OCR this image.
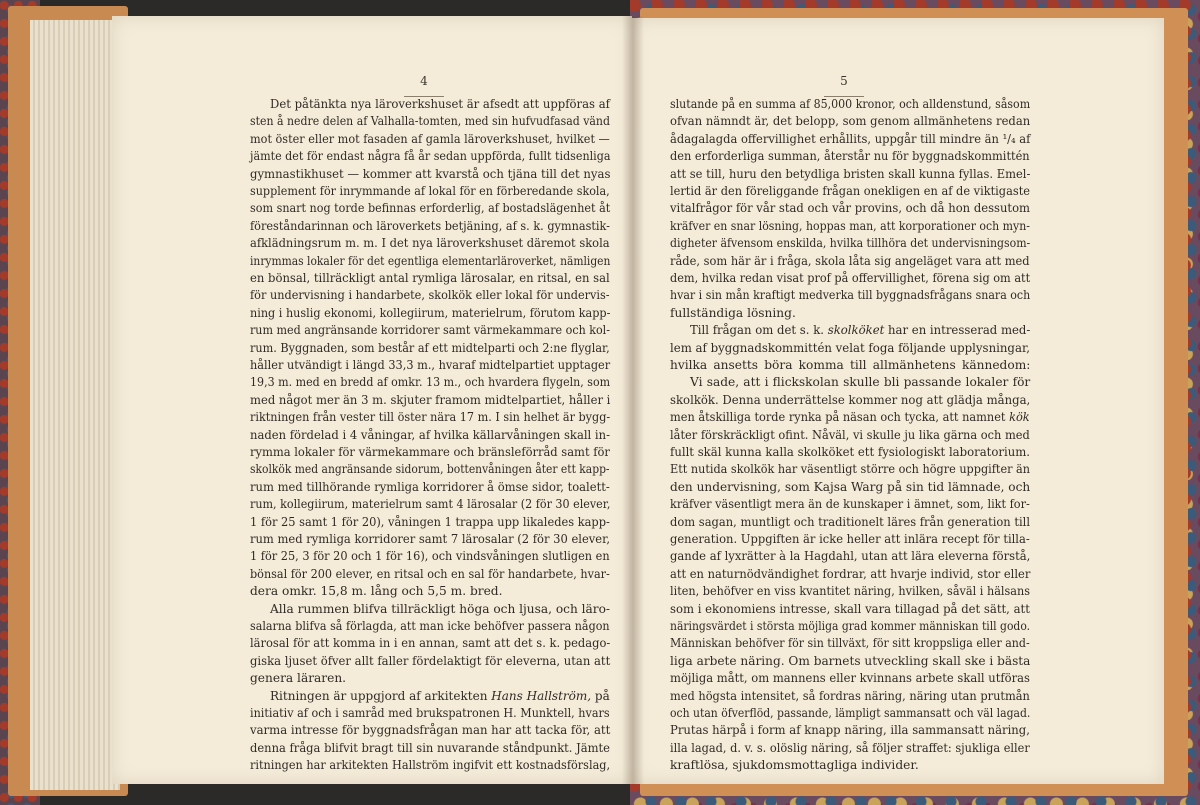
4
Det påtänkta nya läroverkshuset är afsedt att uppföras af
sten å nedre delen af Valhalla-tomten, med sin hufvudfasad vänd
mot öster eller mot fasaden af gamla läroverkshuset, hvilket —
jämte det för endast några få år sedan uppförda, fullt tidsenliga
gymnastikhuset — kommer att kvarstå och tjäna till det nyas
supplement för inrymmande af lokal för en förberedande skola,
som snart nog torde befinnas erforderlig, af bostadslägenhet åt
föreståndarinnan och läroverkets betjäning, af s. k. gymnastik-
afklädningsrum m. m. I det nya läroverkshuset däremot skola
inrymmas lokaler för det egentliga elementarläroverket, nämligen
en bönsal, tillräckligt antal rymliga lärosalar, en ritsal, en sal
för undervisning i handarbete, skolkök eller lokal för undervis-
ning i huslig ekonomi, kollegiirum, materielrum, förutom kapp-
rum med angränsande korridorer samt värmekammare och kol-
rum. Byggnaden, som består af ett midtelparti och 2:ne flyglar,
håller utvändigt i längd 33,3 m., hvaraf midtelpartiet upptager
19,3 m. med en bredd af omkr. 13 m., och hvardera flygeln, som
med något mer än 3 m. skjuter framom midtelpartiet, håller i
riktningen från vester till öster nära 17 m. I sin helhet är bygg-
naden fördelad i 4 våningar, af hvilka källarvåningen skall in-
rymma lokaler för värmekammare och bränsleförråd samt för
skolkök med angränsande sidorum, bottenvåningen åter ett kapp-
rum med tillhörande rymliga korridorer å ömse sidor, toalett-
rum, kollegiirum, materielrum samt 4 lärosalar (2 för 30 elever,
1 för 25 samt 1 för 20), våningen 1 trappa upp likaledes kapp-
rum med rymliga korridorer samt 7 lärosalar (2 för 30 elever,
1 för 25, 3 för 20 och 1 för 16), och vindsvåningen slutligen en
bönsal för 200 elever, en ritsal och en sal för handarbete, hvar-
dera omkr. 15,8 m. lång och 5,5 m. bred.
Alla rummen blifva tillräckligt höga och ljusa, och läro-
salarna blifva så förlagda, att man icke behöfver passera någon
lärosal för att komma in i en annan, samt att det s. k. pedago-
giska ljuset öfver allt faller fördelaktigt för eleverna, utan att
genera läraren.
Ritningen är uppgjord af arkitekten Hans Hallström, på
initiativ af och i samråd med brukspatronen H. Munktell, hvars
varma intresse för byggnadsfrågan man har att tacka för, att
denna fråga blifvit bragt till sin nuvarande ståndpunkt. Jämte
ritningen har arkitekten Hallström ingifvit ett kostnadsförslag,
5
slutande på en summa af 85,000 kronor, och alldenstund, såsom
ofvan nämndt är, det belopp, som genom allmänhetens redan
ådagalagda offervillighet erhållits, uppgår till mindre än ¹/₄ af
den erforderliga summan, återstår nu för byggnadskommittén
att se till, huru den betydliga bristen skall kunna fyllas. Emel-
lertid är den föreliggande frågan onekligen en af de viktigaste
vitalfrågor för vår stad och vår provins, och då hon dessutom
kräfver en snar lösning, hoppas man, att korporationer och myn-
digheter äfvensom enskilda, hvilka tillhöra det undervisningsom-
råde, som här är i fråga, skola låta sig angeläget vara att med
dem, hvilka redan visat prof på offervillighet, förena sig om att
hvar i sin mån kraftigt medverka till byggnadsfrågans snara och
fullständiga lösning.
Till frågan om det s. k. skolköket har en intresserad med-
lem af byggnadskommittén velat foga följande upplysningar,
hvilka ansetts böra komma till allmänhetens kännedom:
Vi sade, att i flickskolan skulle bli passande lokaler för
skolkök. Denna underrättelse kommer nog att glädja många,
men åtskilliga torde rynka på näsan och tycka, att namnet kök
låter förskräckligt ofint. Nåväl, vi skulle ju lika gärna och med
fullt skäl kunna kalla skolköket ett fysiologiskt laboratorium.
Ett nutida skolkök har väsentligt större och högre uppgifter än
den undervisning, som Kajsa Warg på sin tid lämnade, och
kräfver väsentligt mera än de kunskaper i ämnet, som, likt for-
dom sagan, muntligt och traditionelt läres från generation till
generation. Uppgiften är icke heller att inlära recept för tilla-
gande af lyxrätter à la Hagdahl, utan att lära eleverna förstå,
att en naturnödvändighet fordrar, att hvarje individ, stor eller
liten, behöfver en viss kvantitet näring, hvilken, såväl i hälsans
som i ekonomiens intresse, skall vara tillagad på det sätt, att
näringsvärdet i största möjliga grad kommer människan till godo.
Människan behöfver för sin tillväxt, för sitt kroppsliga eller and-
liga arbete näring. Om barnets utveckling skall ske i bästa
möjliga mått, om mannens eller kvinnans arbete skall utföras
med högsta intensitet, så fordras näring, näring utan prutmån
och utan öfverflöd, passande, lämpligt sammansatt och väl lagad.
Prutas härpå i form af knapp näring, illa sammansatt näring,
illa lagad, d. v. s. olöslig näring, så följer straffet: sjukliga eller
kraftlösa, sjukdomsmottagliga individer.
